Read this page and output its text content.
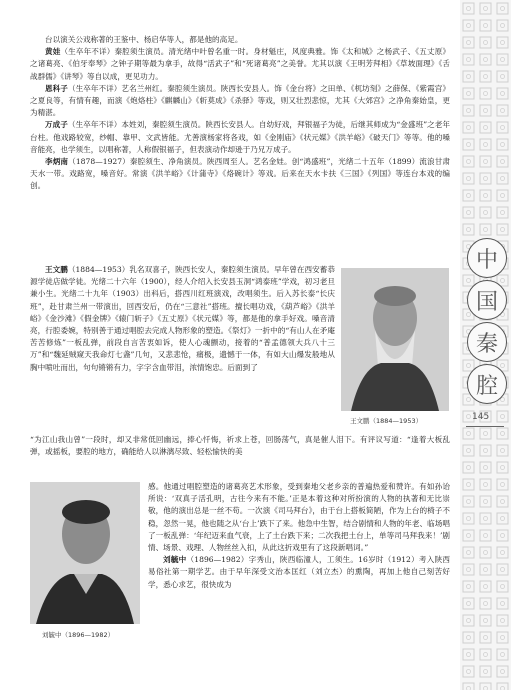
台以演关公戏称著的王鉴中、杨启华等人，都是他的高足。

黄娃（生卒年不详）秦腔须生演员。清光绪中叶曾名重一时。身材魁庄，风度典雅。饰《太和城》之杨武子、《五丈原》之诸葛亮、《伯牙奉琴》之钟子期等最为拿手，故得“活武子”和“死诸葛亮”之美誉。尤其以演《王明芳拜相》《草坡面理》《舌战群儒》《讲琴》等自以成，更见功力。

恩科子（生卒年不详）艺名兰州红。秦腔须生演员。陕西长安县人。饰《金台将》之田单、《杌坊刻》之薛保、《紫霞宫》之夏良等，有情有趣，而演《炮烙柱》《麒麟山》《斩莫成》《杀驿》等戏，则又壮烈悲惊，尤其《大郊宫》之净角秦始皇，更为精湛。

万成子（生卒年不详）本姓刘，秦腔须生演员。陕西长安县人。自幼好戏，拜银福子为徒，后继其师成为“金盛班”之老年台柱。他戏路较宽，纱帽、靠甲、文武皆能。尤善演杨家将各戏，如《金刚庙》《状元媒》《洪羊峪》《破天门》等等。他的嗓音能亮，也学须生，以唱称著，人称假银福子，但表演动作却逊于乃兄万成子。

李炳南（1878—1927）秦腔须生、净角演员。陕西周至人。艺名金娃。创“鸿盛班”，光绪二十五年（1899）流浪甘肃天水一带。戏路宽，嗓音好。常演《洪羊峪》《计蒲寺》《烙碗计》等戏。后来在天水卡扶《三国》《列国》等连台本戏的编创。

王文鹏（1884—1953）乳名双喜子，陕西长安人，秦腔须生演员。早年曾在西安蓄恭源学徒店做学徒。光绪二十六年（1900），经人介绍入长安县玉洞“鸿泰班”学戏，初习老旦兼小生。光绪二十九年（1903）出科后，搭西川红班演戏，改唱须生。后入苏长泰“长庆班”，赴甘肃兰州一带演出，回西安后，仍在“三意社”搭班。擅长唱功戏，《葫芦峪》《洪羊峪》《金沙滩》《假金牌》《辕门斩子》《五丈原》《状元媒》等，都是他的拿手好戏。嗓音清亮，行腔委婉，特别善于通过唱腔去完成人物形象的塑造。《祭灯》一折中的“有山人在矛庵苦苦修炼”一板乱弹，前段自言苦衷如诉，使人心魂颤动，接着的“普孟德领大兵八十三万”和“魏延贼窥天我命灯七盏”几句，又悲悲怆，痛极，遗憾于一体，有如大山爆发般地从胸中喷吐而出，句句锵锵有力，字字含血带泪，浓情饱忠。后面到了

王文鹏（1884—1953）

“为江山我山曾”一段时，却又非常低回幽远，捧心忏悔，祈求上苍，回肠荡气，真是催人泪下。有评议写道：“逢着大板乱弹，或摇板，要腔的地方，确能给人以淋漓尽致、轻松愉快的美

刘毓中（1896—1982）

感。他通过唱腔塑造的诸葛亮艺术形象，受到秦地父老乡亲的普遍热爱和赞许。有如孙诒所说：‘双真子活孔明，古往今来有不能。’正是本着这种对所扮演的人物的执著和无比崇敬，他的演出总是一丝不苟。一次演《司马拜台》，由于台上搭板简陋，作为上台的椅子不稳，忽然一晃，他也随之从‘台上’跌下了来。他急中生智，结合剧情和人物的年老、临场唱了一板乱弹：‘年纪迈来血气衰，上了土台跌下来；二次我把土台上，单等司马拜我来！’剧情、场景、戏理、人物丝丝入扣，从此这折戏里有了这段新唱词。”

刘毓中（1896—1982）字秀山，陕西临潼人，工须生。16岁时（1912）考入陕西易俗社第一期学艺。由于早年深受文治本匡红（刘立杰）的熏陶，再加上他自己刻苦好学，悉心求艺，很快成为

中
国
秦
腔
145
